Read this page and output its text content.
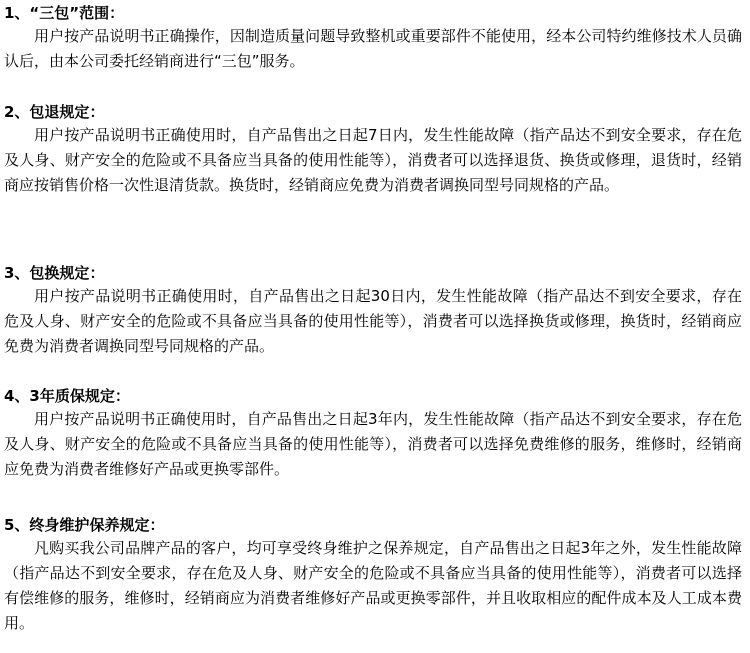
1、“三包”范围：

用户按产品说明书正确操作，因制造质量问题导致整机或重要部件不能使用，经本公司特约维修技术人员确认后，由本公司委托经销商进行“三包”服务。

2、包退规定：

用户按产品说明书正确使用时，自产品售出之日起7日内，发生性能故障（指产品达不到安全要求，存在危及人身、财产安全的危险或不具备应当具备的使用性能等），消费者可以选择退货、换货或修理，退货时，经销商应按销售价格一次性退清货款。换货时，经销商应免费为消费者调换同型号同规格的产品。

3、包换规定：

用户按产品说明书正确使用时，自产品售出之日起30日内，发生性能故障（指产品达不到安全要求，存在危及人身、财产安全的危险或不具备应当具备的使用性能等），消费者可以选择换货或修理，换货时，经销商应免费为消费者调换同型号同规格的产品。

4、3年质保规定：

用户按产品说明书正确使用时，自产品售出之日起3年内，发生性能故障（指产品达不到安全要求，存在危及人身、财产安全的危险或不具备应当具备的使用性能等），消费者可以选择免费维修的服务，维修时，经销商应免费为消费者维修好产品或更换零部件。

5、终身维护保养规定：

凡购买我公司品牌产品的客户，均可享受终身维护之保养规定，自产品售出之日起3年之外，发生性能故障（指产品达不到安全要求，存在危及人身、财产安全的危险或不具备应当具备的使用性能等），消费者可以选择有偿维修的服务，维修时，经销商应为消费者维修好产品或更换零部件，并且收取相应的配件成本及人工成本费用。
